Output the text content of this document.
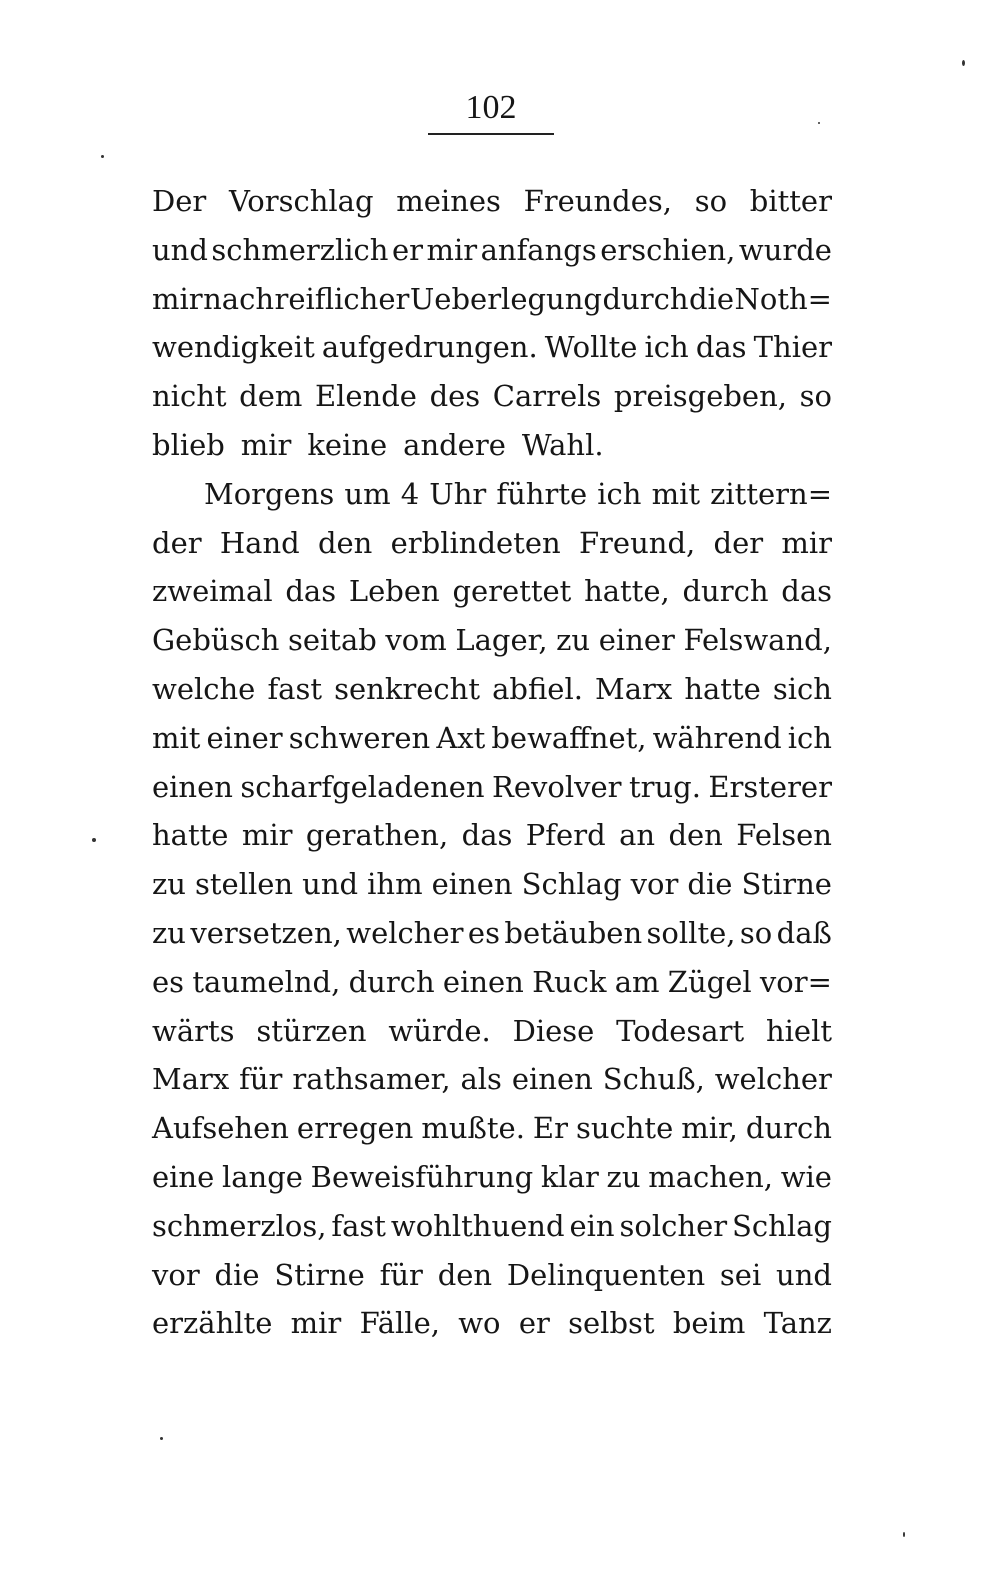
102
Der Vorschlag meines Freundes, so bitter
und schmerzlich er mir anfangs erschien, wurde
mir nach reiflicher Ueberlegung durch die Noth=
wendigkeit aufgedrungen. Wollte ich das Thier
nicht dem Elende des Carrels preisgeben, so
blieb mir keine andere Wahl.
Morgens um 4 Uhr führte ich mit zittern=
der Hand den erblindeten Freund, der mir
zweimal das Leben gerettet hatte, durch das
Gebüsch seitab vom Lager, zu einer Felswand,
welche fast senkrecht abfiel. Marx hatte sich
mit einer schweren Axt bewaffnet, während ich
einen scharfgeladenen Revolver trug. Ersterer
hatte mir gerathen, das Pferd an den Felsen
zu stellen und ihm einen Schlag vor die Stirne
zu versetzen, welcher es betäuben sollte, so daß
es taumelnd, durch einen Ruck am Zügel vor=
wärts stürzen würde. Diese Todesart hielt
Marx für rathsamer, als einen Schuß, welcher
Aufsehen erregen mußte. Er suchte mir, durch
eine lange Beweisführung klar zu machen, wie
schmerzlos, fast wohlthuend ein solcher Schlag
vor die Stirne für den Delinquenten sei und
erzählte mir Fälle, wo er selbst beim Tanz
